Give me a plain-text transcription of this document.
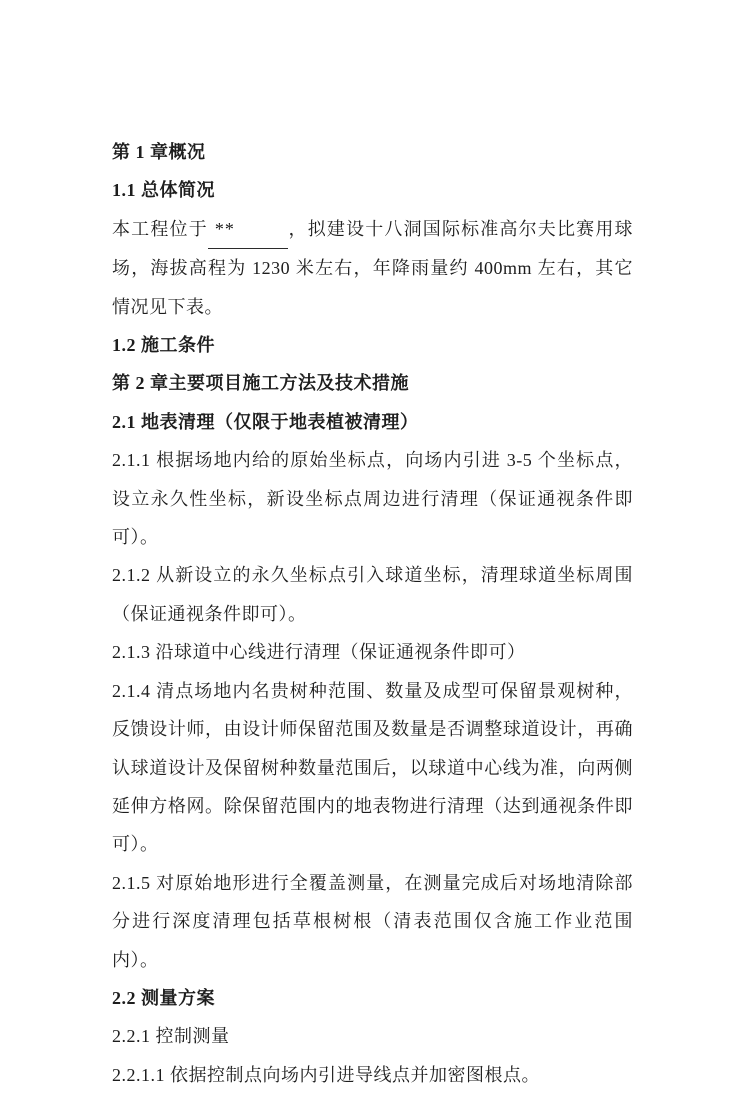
第 1 章概况
1.1 总体简况
本工程位于 **	，拟建设十八洞国际标准高尔夫比赛用球场，海拔高程为 1230 米左右，年降雨量约 400mm 左右，其它情况见下表。
1.2 施工条件
第 2 章主要项目施工方法及技术措施
2.1 地表清理（仅限于地表植被清理）
2.1.1 根据场地内给的原始坐标点，向场内引进 3-5 个坐标点，设立永久性坐标，新设坐标点周边进行清理（保证通视条件即可）。
2.1.2 从新设立的永久坐标点引入球道坐标，清理球道坐标周围（保证通视条件即可）。
2.1.3 沿球道中心线进行清理（保证通视条件即可）
2.1.4 清点场地内名贵树种范围、数量及成型可保留景观树种，反馈设计师，由设计师保留范围及数量是否调整球道设计，再确认球道设计及保留树种数量范围后，以球道中心线为准，向两侧延伸方格网。除保留范围内的地表物进行清理（达到通视条件即可）。
2.1.5 对原始地形进行全覆盖测量，在测量完成后对场地清除部分进行深度清理包括草根树根（清表范围仅含施工作业范围内）。
2.2 测量方案
2.2.1 控制测量
2.2.1.1 依据控制点向场内引进导线点并加密图根点。
